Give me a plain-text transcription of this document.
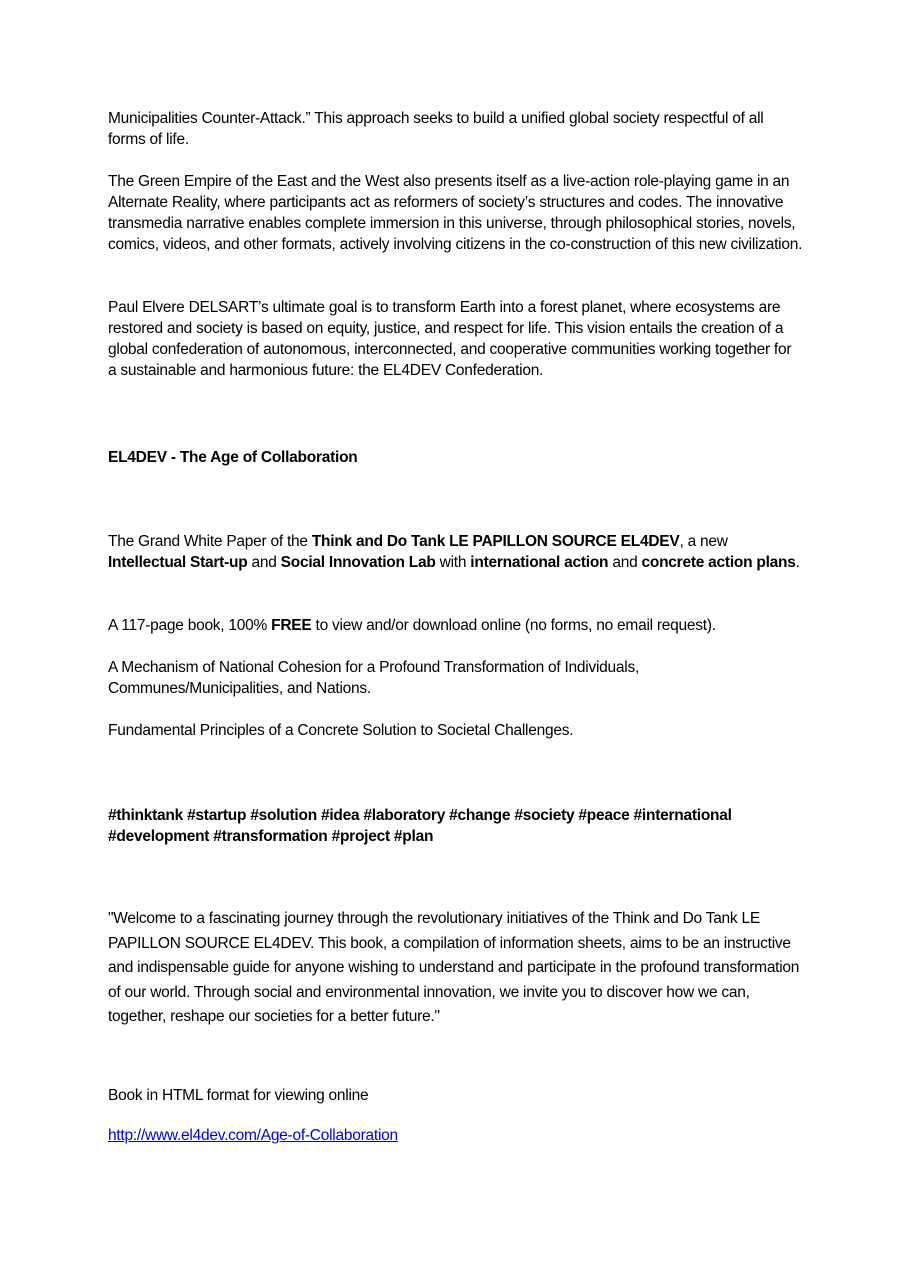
Municipalities Counter-Attack.” This approach seeks to build a unified global society respectful of all forms of life.

The Green Empire of the East and the West also presents itself as a live-action role-playing game in an Alternate Reality, where participants act as reformers of society’s structures and codes. The innovative transmedia narrative enables complete immersion in this universe, through philosophical stories, novels, comics, videos, and other formats, actively involving citizens in the co-construction of this new civilization.

Paul Elvere DELSART’s ultimate goal is to transform Earth into a forest planet, where ecosystems are restored and society is based on equity, justice, and respect for life. This vision entails the creation of a global confederation of autonomous, interconnected, and cooperative communities working together for a sustainable and harmonious future: the EL4DEV Confederation.

EL4DEV - The Age of Collaboration

The Grand White Paper of the Think and Do Tank LE PAPILLON SOURCE EL4DEV, a new Intellectual Start-up and Social Innovation Lab with international action and concrete action plans.

A 117-page book, 100% FREE to view and/or download online (no forms, no email request).

A Mechanism of National Cohesion for a Profound Transformation of Individuals, Communes/Municipalities, and Nations.

Fundamental Principles of a Concrete Solution to Societal Challenges.

#thinktank #startup #solution #idea #laboratory #change #society #peace #international #development #transformation #project #plan

"Welcome to a fascinating journey through the revolutionary initiatives of the Think and Do Tank LE PAPILLON SOURCE EL4DEV. This book, a compilation of information sheets, aims to be an instructive and indispensable guide for anyone wishing to understand and participate in the profound transformation of our world. Through social and environmental innovation, we invite you to discover how we can, together, reshape our societies for a better future."

Book in HTML format for viewing online

http://www.el4dev.com/Age-of-Collaboration
